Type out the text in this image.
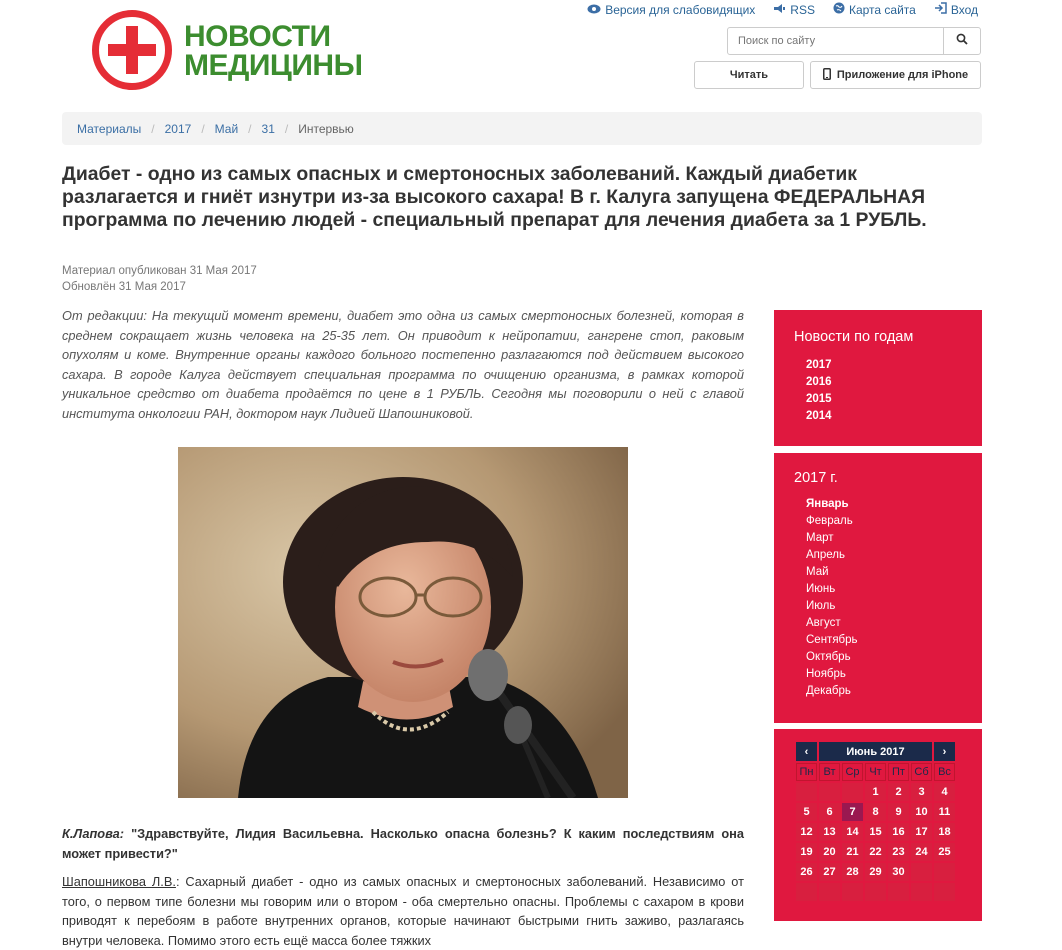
НОВОСТИ
МЕДИЦИНЫ
Версия для слабовидящих	RSS	Карта сайта	Вход
Поиск по сайту
Читать	Приложение для iPhone
Материалы / 2017 / Май / 31 / Интервью
Диабет - одно из самых опасных и смертоносных заболеваний. Каждый диабетик разлагается и гниёт изнутри из-за высокого сахара! В г. Калуга запущена ФЕДЕРАЛЬНАЯ программа по лечению людей - специальный препарат для лечения диабета за 1 РУБЛЬ.
Материал опубликован 31 Мая 2017
Обновлён 31 Мая 2017

От редакции: На текущий момент времени, диабет это одна из самых смертоносных болезней, которая в среднем сокращает жизнь человека на 25-35 лет. Он приводит к нейропатии, гангрене стоп, раковым опухолям и коме. Внутренние органы каждого больного постепенно разлагаются под действием высокого сахара. В городе Калуга действует специальная программа по очищению организма, в рамках которой уникальное средство от диабета продаётся по цене в 1 РУБЛЬ. Сегодня мы поговорили о ней с главой института онкологии РАН, доктором наук Лидией Шапошниковой.

К.Лапова: "Здравствуйте, Лидия Васильевна. Насколько опасна болезнь? К каким последствиям она может привести?"

Шапошникова Л.В.: Сахарный диабет - одно из самых опасных и смертоносных заболеваний. Независимо от того, о первом типе болезни мы говорим или о втором - оба смертельно опасны. Проблемы с сахаром в крови приводят к перебоям в работе внутренних органов, которые начинают быстрыми гнить заживо, разлагаясь внутри человека. Помимо этого есть ещё масса более тяжких

Новости по годам
2017
2016
2015
2014
2017 г.
Январь
Февраль
Март
Апрель
Май
Июнь
Июль
Август
Сентябрь
Октябрь
Ноябрь
Декабрь
‹	Июнь 2017					›
Пн	Вт	Ср	Чт	Пт	Сб	Вс
			1	2	3	4
5	6	7	8	9	10	11
12	13	14	15	16	17	18
19	20	21	22	23	24	25
26	27	28	29	30		
